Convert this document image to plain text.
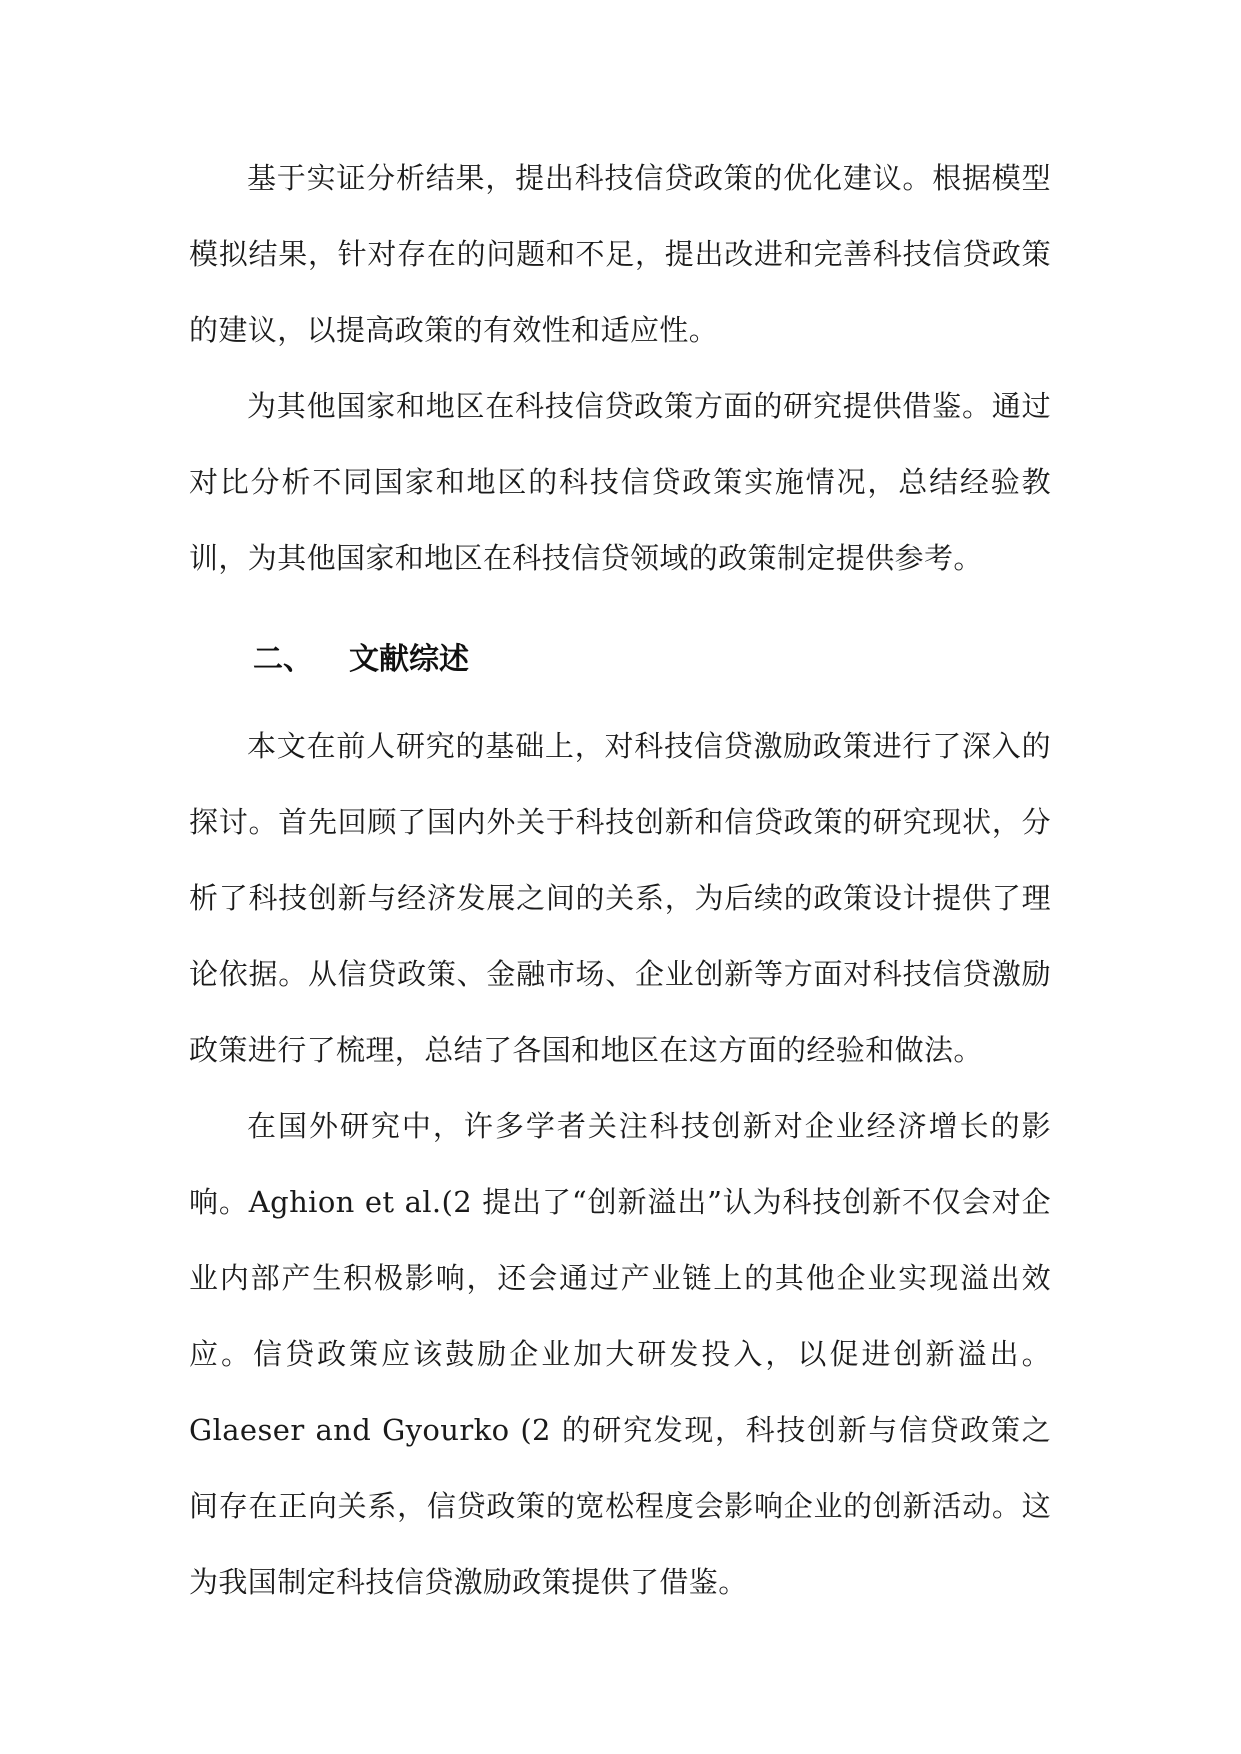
基于实证分析结果，提出科技信贷政策的优化建议。根据模型模拟结果，针对存在的问题和不足，提出改进和完善科技信贷政策的建议，以提高政策的有效性和适应性。

为其他国家和地区在科技信贷政策方面的研究提供借鉴。通过对比分析不同国家和地区的科技信贷政策实施情况，总结经验教训，为其他国家和地区在科技信贷领域的政策制定提供参考。

二、 文献综述

本文在前人研究的基础上，对科技信贷激励政策进行了深入的探讨。首先回顾了国内外关于科技创新和信贷政策的研究现状，分析了科技创新与经济发展之间的关系，为后续的政策设计提供了理论依据。从信贷政策、金融市场、企业创新等方面对科技信贷激励政策进行了梳理，总结了各国和地区在这方面的经验和做法。

在国外研究中，许多学者关注科技创新对企业经济增长的影响。Aghion et al.(2 提出了“创新溢出”认为科技创新不仅会对企业内部产生积极影响，还会通过产业链上的其他企业实现溢出效应。信贷政策应该鼓励企业加大研发投入，以促进创新溢出。Glaeser and Gyourko (2 的研究发现，科技创新与信贷政策之间存在正向关系，信贷政策的宽松程度会影响企业的创新活动。这为我国制定科技信贷激励政策提供了借鉴。
